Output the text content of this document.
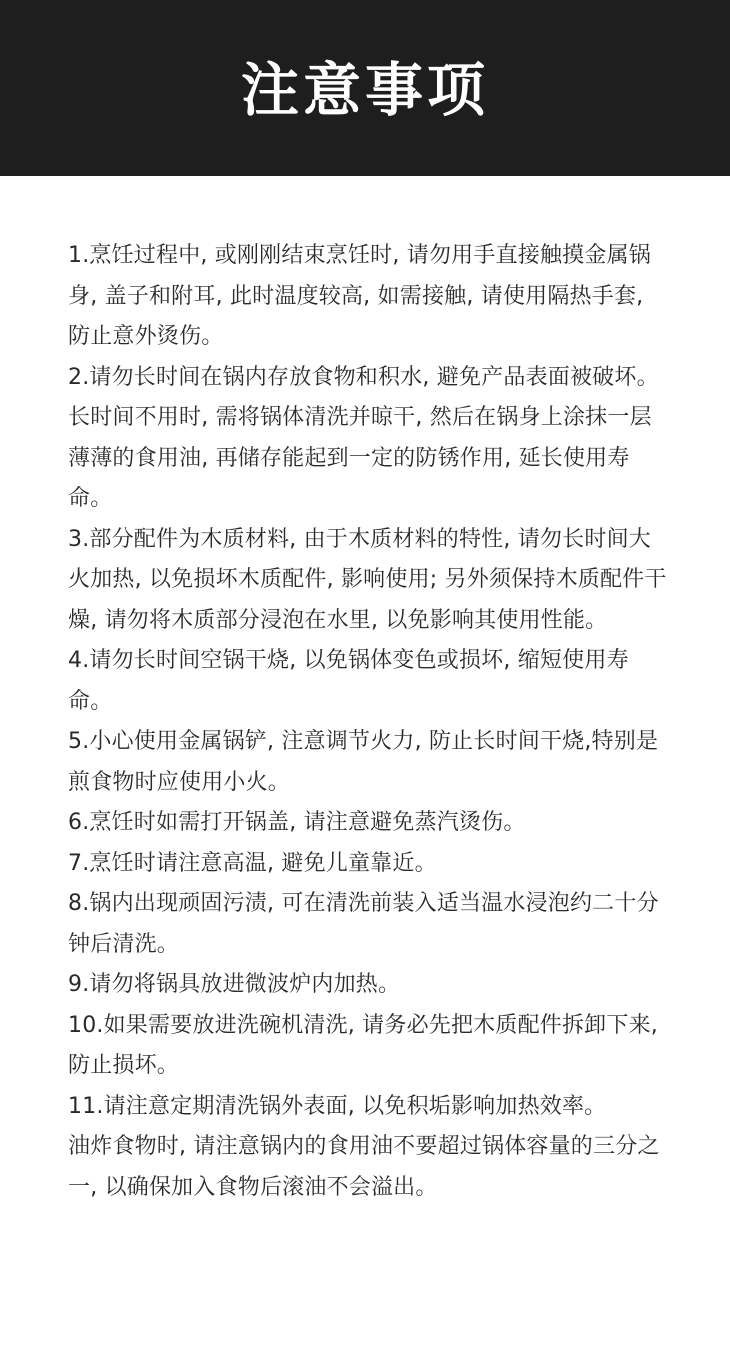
注意事项
1.烹饪过程中, 或刚刚结束烹饪时, 请勿用手直接触摸金属锅身, 盖子和附耳, 此时温度较高, 如需接触, 请使用隔热手套, 防止意外烫伤。
2.请勿长时间在锅内存放食物和积水, 避免产品表面被破坏。长时间不用时, 需将锅体清洗并晾干, 然后在锅身上涂抹一层薄薄的食用油, 再储存能起到一定的防锈作用, 延长使用寿命。
3.部分配件为木质材料, 由于木质材料的特性, 请勿长时间大火加热, 以免损坏木质配件, 影响使用; 另外须保持木质配件干燥, 请勿将木质部分浸泡在水里, 以免影响其使用性能。
4.请勿长时间空锅干烧, 以免锅体变色或损坏, 缩短使用寿命。
5.小心使用金属锅铲, 注意调节火力, 防止长时间干烧,特别是煎食物时应使用小火。
6.烹饪时如需打开锅盖, 请注意避免蒸汽烫伤。
7.烹饪时请注意高温, 避免儿童靠近。
8.锅内出现顽固污渍, 可在清洗前装入适当温水浸泡约二十分钟后清洗。
9.请勿将锅具放进微波炉内加热。
10.如果需要放进洗碗机清洗, 请务必先把木质配件拆卸下来, 防止损坏。
11.请注意定期清洗锅外表面, 以免积垢影响加热效率。
油炸食物时, 请注意锅内的食用油不要超过锅体容量的三分之一, 以确保加入食物后滚油不会溢出。
